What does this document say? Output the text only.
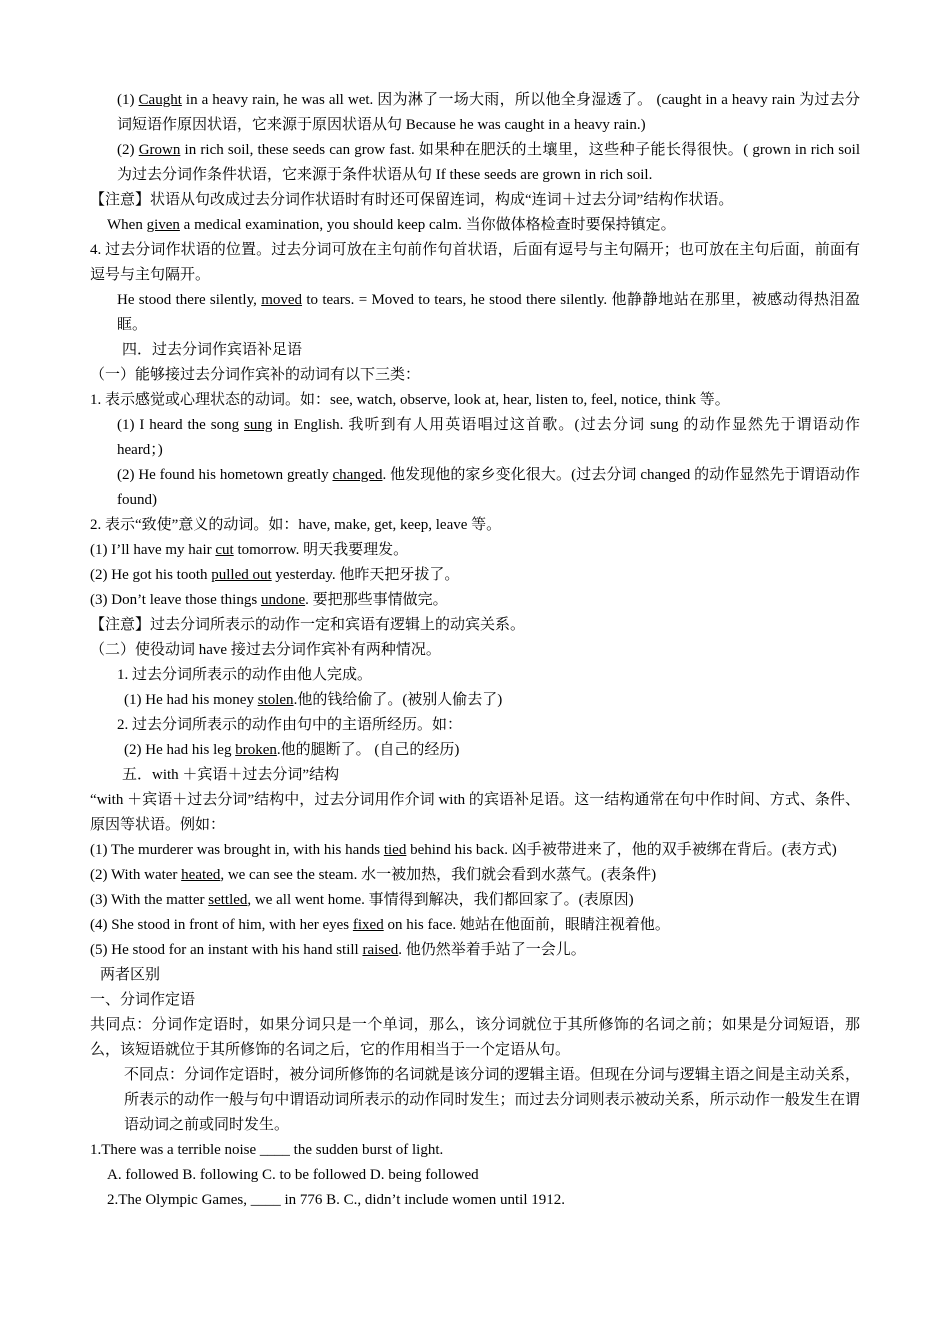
(1) Caught in a heavy rain, he was all wet. 因为淋了一场大雨，所以他全身湿透了。 (caught in a heavy rain 为过去分词短语作原因状语，它来源于原因状语从句 Because he was caught in a heavy rain.)
(2) Grown in rich soil, these seeds can grow fast. 如果种在肥沃的土壤里，这些种子能长得很快。( grown in rich soil 为过去分词作条件状语，它来源于条件状语从句 If these seeds are grown in rich soil.
【注意】状语从句改成过去分词作状语时有时还可保留连词，构成“连词＋过去分词”结构作状语。
When given a medical examination, you should keep calm. 当你做体格检查时要保持镇定。
4. 过去分词作状语的位置。过去分词可放在主句前作句首状语，后面有逗号与主句隔开；也可放在主句后面，前面有逗号与主句隔开。
He stood there silently, moved to tears. = Moved to tears, he stood there silently. 他静静地站在那里，被感动得热泪盈眶。
四．过去分词作宾语补足语
（一）能够接过去分词作宾补的动词有以下三类：
1. 表示感觉或心理状态的动词。如：see, watch, observe, look at, hear, listen to, feel, notice, think 等。
(1) I heard the song sung in English. 我听到有人用英语唱过这首歌。(过去分词 sung 的动作显然先于谓语动作 heard；)
(2) He found his hometown greatly changed. 他发现他的家乡变化很大。(过去分词 changed 的动作显然先于谓语动作 found)
2. 表示“致使”意义的动词。如：have, make, get, keep, leave 等。
(1) I’ll have my hair cut tomorrow. 明天我要理发。
(2) He got his tooth pulled out yesterday. 他昨天把牙拔了。
(3) Don’t leave those things undone. 要把那些事情做完。
【注意】过去分词所表示的动作一定和宾语有逻辑上的动宾关系。
（二）使役动词 have 接过去分词作宾补有两种情况。
1. 过去分词所表示的动作由他人完成。
(1) He had his money stolen.他的钱给偷了。(被别人偷去了)
2. 过去分词所表示的动作由句中的主语所经历。如：
(2) He had his leg broken.他的腿断了。 (自己的经历)
五．with ＋宾语＋过去分词”结构
“with ＋宾语＋过去分词”结构中，过去分词用作介词 with 的宾语补足语。这一结构通常在句中作时间、方式、条件、原因等状语。例如：
(1) The murderer was brought in, with his hands tied behind his back. 凶手被带进来了，他的双手被绑在背后。(表方式)
(2) With water heated, we can see the steam. 水一被加热，我们就会看到水蒸气。(表条件)
(3) With the matter settled, we all went home. 事情得到解决，我们都回家了。(表原因)
(4) She stood in front of him, with her eyes fixed on his face. 她站在他面前，眼睛注视着他。
(5) He stood for an instant with his hand still raised. 他仍然举着手站了一会儿。
两者区别
一、分词作定语
共同点：分词作定语时，如果分词只是一个单词，那么，该分词就位于其所修饰的名词之前；如果是分词短语，那么，该短语就位于其所修饰的名词之后，它的作用相当于一个定语从句。
不同点：分词作定语时，被分词所修饰的名词就是该分词的逻辑主语。但现在分词与逻辑主语之间是主动关系，所表示的动作一般与句中谓语动词所表示的动作同时发生；而过去分词则表示被动关系，所示动作一般发生在谓语动词之前或同时发生。
1.There was a terrible noise ____ the sudden burst of light.
A. followed B. following C. to be followed D. being followed
2.The Olympic Games, ____ in 776 B. C., didn’t include women until 1912.
